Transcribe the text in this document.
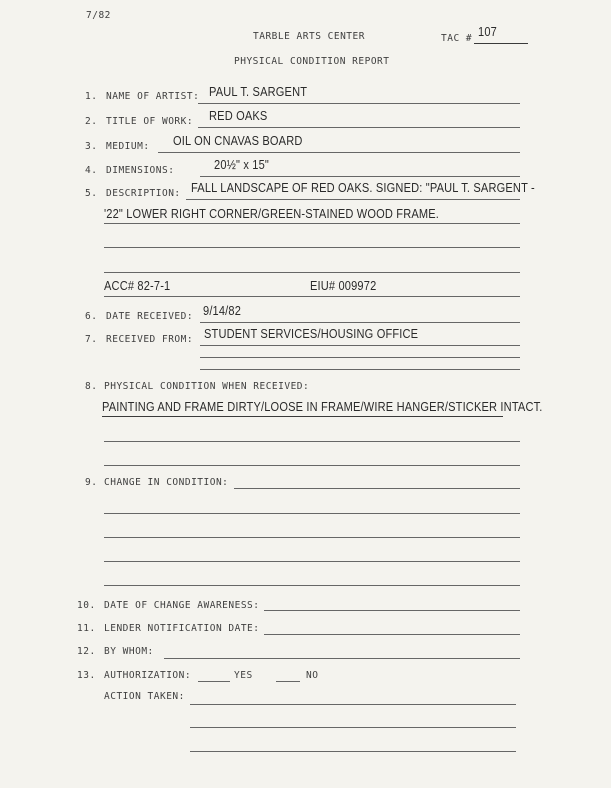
7/82
TARBLE ARTS CENTER	TAC # 107
PHYSICAL CONDITION REPORT
1. NAME OF ARTIST: PAUL T. SARGENT
2. TITLE OF WORK: RED OAKS
3. MEDIUM: OIL ON CNAVAS BOARD
4. DIMENSIONS:	20½" x 15"
5. DESCRIPTION: FALL LANDSCAPE OF RED OAKS. SIGNED: "PAUL T. SARGENT -
'22" LOWER RIGHT CORNER/GREEN-STAINED WOOD FRAME.
ACC# 82-7-1	EIU# 009972
6. DATE RECEIVED: 9/14/82
7. RECEIVED FROM: STUDENT SERVICES/HOUSING OFFICE
8. PHYSICAL CONDITION WHEN RECEIVED:
PAINTING AND FRAME DIRTY/LOOSE IN FRAME/WIRE HANGER/STICKER INTACT.
9. CHANGE IN CONDITION:
10. DATE OF CHANGE AWARENESS:
11. LENDER NOTIFICATION DATE:
12. BY WHOM:
13. AUTHORIZATION:	YES	NO
ACTION TAKEN:
